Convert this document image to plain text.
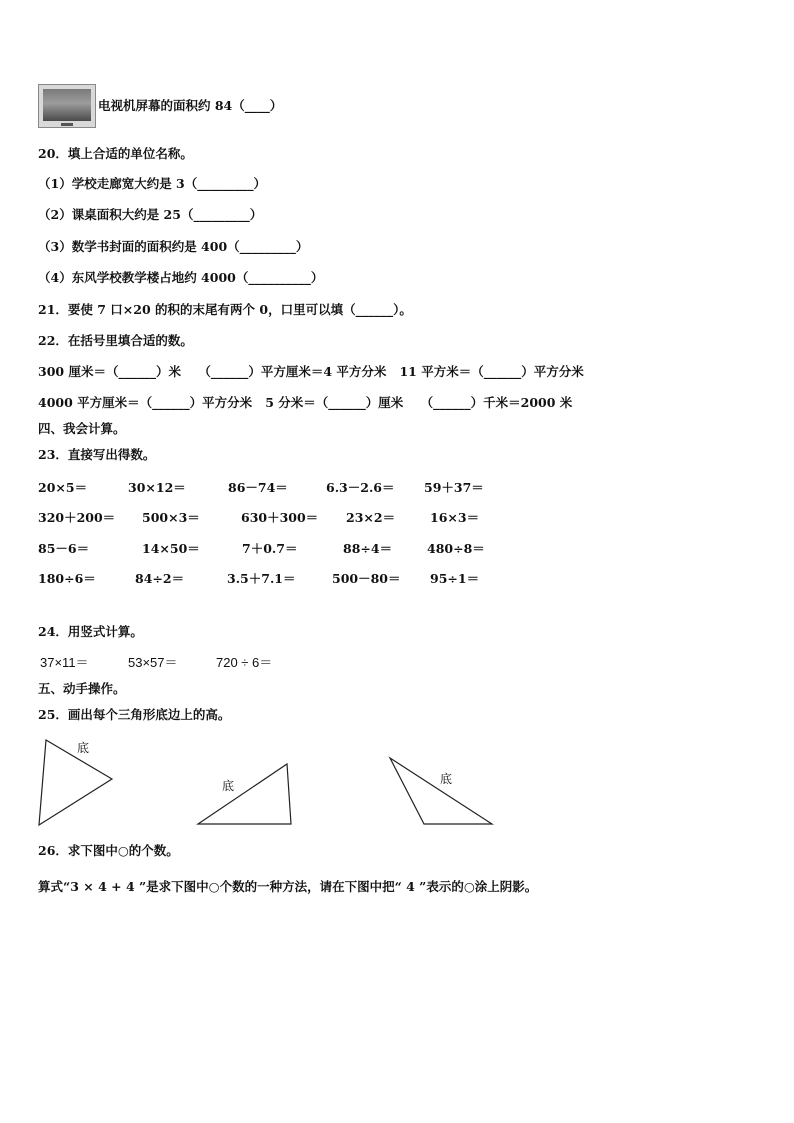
电视机屏幕的面积约 84（____）
20．填上合适的单位名称。
（1）学校走廊宽大约是 3（_________）
（2）课桌面积大约是 25（_________）
（3）数学书封面的面积约是 400（_________）
（4）东风学校教学楼占地约 4000（__________）
21．要使 7 口×20 的积的末尾有两个 0，口里可以填（______）。
22．在括号里填合适的数。
300 厘米＝（______）米    （______）平方厘米＝4 平方分米   11 平方米＝（______）平方分米
4000 平方厘米＝（______）平方分米   5 分米＝（______）厘米    （______）千米＝2000 米
四、我会计算。
23．直接写出得数。
20×5＝	30×12＝	86－74＝	6.3－2.6＝ 59＋37＝
320＋200＝ 500×3＝	630＋300＝ 23×2＝	16×3＝
85－6＝	14×50＝	7＋0.7＝	88÷4＝	480÷8＝
180÷6＝	84÷2＝	3.5＋7.1＝	500－80＝ 95÷1＝
24．用竖式计算。
37×11＝	53×57＝	720 ÷ 6＝
五、动手操作。
25．画出每个三角形底边上的高。
底
底	底
26．求下图中○的个数。
算式“3 × 4 + 4 ”是求下图中○个数的一种方法，请在下图中把“ 4 ”表示的○涂上阴影。
